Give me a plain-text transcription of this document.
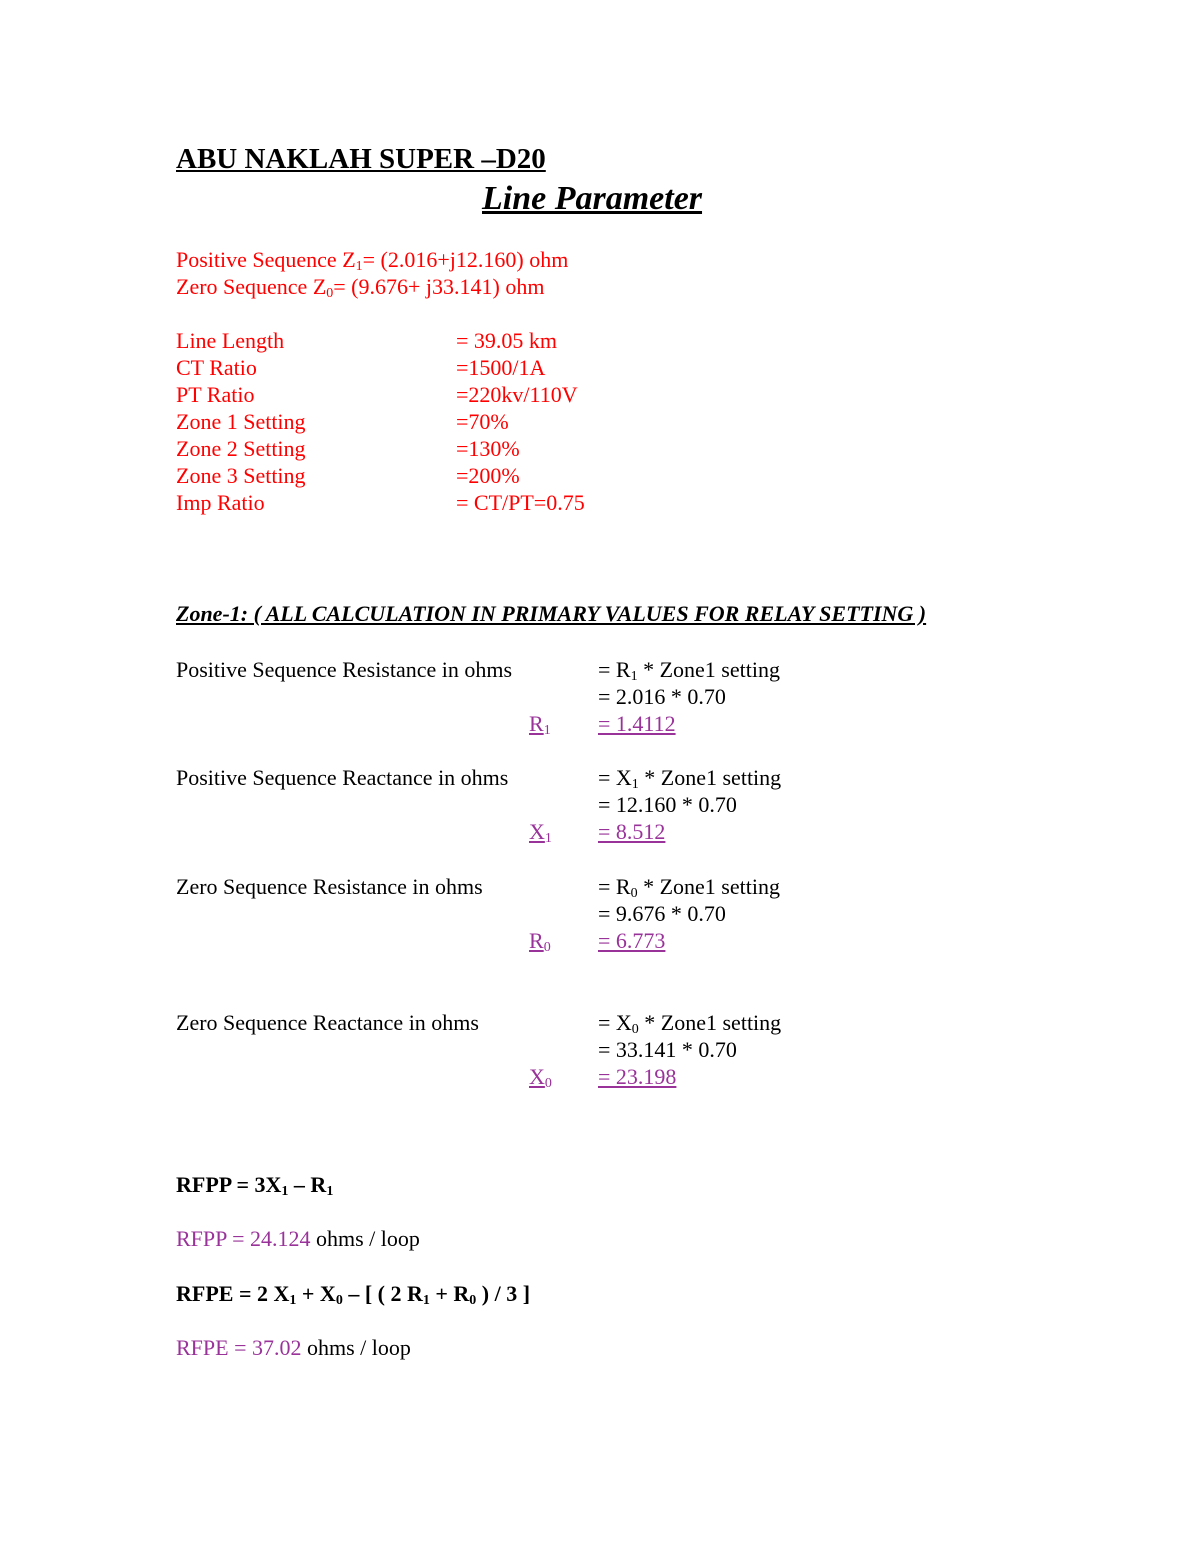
ABU NAKLAH SUPER –D20
Line Parameter
Positive Sequence $Z_1= (2.016+j12.160)$ ohm
Zero Sequence $Z_0= (9.676+ j33.141)$ ohm
Line Length	= 39.05 km
CT Ratio	=1500/1A
PT Ratio	=220kv/110V
Zone 1 Setting	=70%
Zone 2 Setting	=130%
Zone 3 Setting	=200%
Imp Ratio	= CT/PT=0.75
Zone-1: ( ALL CALCULATION IN PRIMARY VALUES FOR RELAY SETTING )
Positive Sequence Resistance in ohms	= $R_1$ * Zone1 setting
= 2.016 * 0.70
$R_1$	= 1.4112
Positive Sequence Reactance in ohms	= $X_1$ * Zone1 setting
= 12.160 * 0.70
$X_1$	= 8.512
Zero Sequence Resistance in ohms	= $R_0$ * Zone1 setting
= 9.676 * 0.70
$R_0$	= 6.773
Zero Sequence Reactance in ohms	= $X_0$ * Zone1 setting
= 33.141 * 0.70
$X_0$	= 23.198
RFPP = $3X_1 - R_1$
RFPP = 24.124 ohms / loop
RFPE = 2 $X_1 + X_0$ – [ ( 2 $R_1 + R_0$ ) / 3 ]
RFPE = 37.02 ohms / loop
